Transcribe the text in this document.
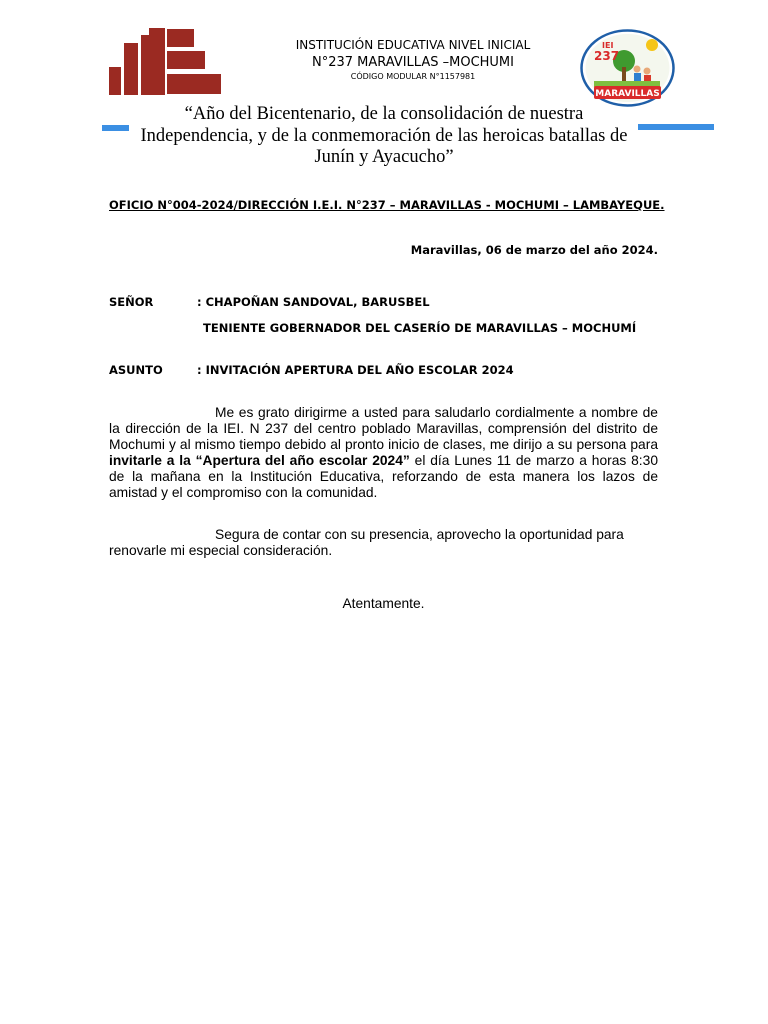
INSTITUCIÓN EDUCATIVA NIVEL INICIAL
N°237 MARAVILLAS –MOCHUMI
CÓDIGO MODULAR N°1157981
MARAVILLAS
IEI
237
“Año del Bicentenario, de la consolidación de nuestra
Independencia, y de la conmemoración de las heroicas batallas de
Junín y Ayacucho”
OFICIO N°004-2024/DIRECCIÓN I.E.I. N°237 – MARAVILLAS - MOCHUMI – LAMBAYEQUE.
Maravillas, 06 de marzo del año 2024.
SEÑOR	: CHAPOÑAN SANDOVAL, BARUSBEL
TENIENTE GOBERNADOR DEL CASERÍO DE MARAVILLAS – MOCHUMÍ
ASUNTO	: INVITACIÓN APERTURA DEL AÑO ESCOLAR 2024
Me es grato dirigirme a usted para saludarlo cordialmente a nombre de la dirección de la IEI. N 237 del centro poblado Maravillas, comprensión del distrito de Mochumi y al mismo tiempo debido al pronto inicio de clases, me dirijo a su persona para invitarle a la “Apertura del año escolar 2024” el día Lunes 11 de marzo a horas 8:30 de la mañana en la Institución Educativa, reforzando de esta manera los lazos de amistad y el compromiso con la comunidad.
Segura de contar con su presencia, aprovecho la oportunidad para renovarle mi especial consideración.
Atentamente.
